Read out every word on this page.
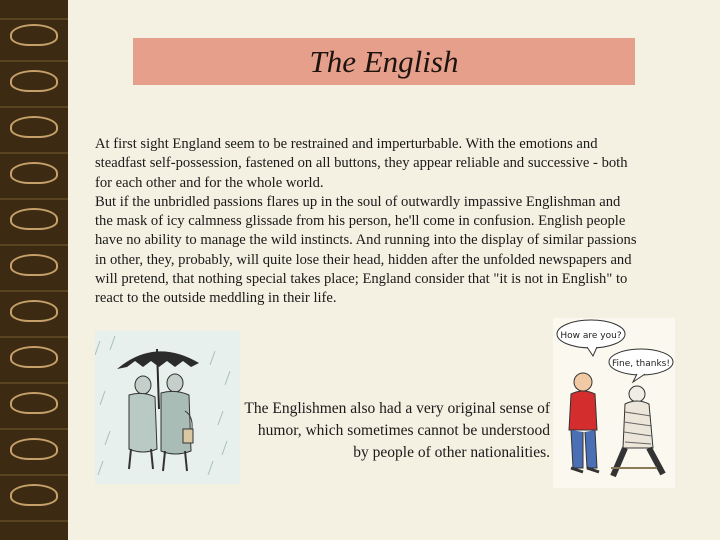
The English

At first sight England seem to be restrained and imperturbable. With the emotions and steadfast self-possession, fastened on all buttons, they appear reliable and successive - both for each other and for the whole world.

But if the unbridled passions flares up in the soul of outwardly impassive Englishman and the mask of icy calmness glissade from his person, he'll come in confusion. English people have no ability to manage the wild instincts. And running into the display of similar passions in other, they, probably, will quite lose their head, hidden after the unfolded newspapers and will pretend, that nothing special takes place; England consider that "it is not in English" to react to the outside meddling in their life.

How are you?
Fine, thanks!
The Englishmen also had a very original sense of humor, which sometimes cannot be understood by people of other nationalities.
